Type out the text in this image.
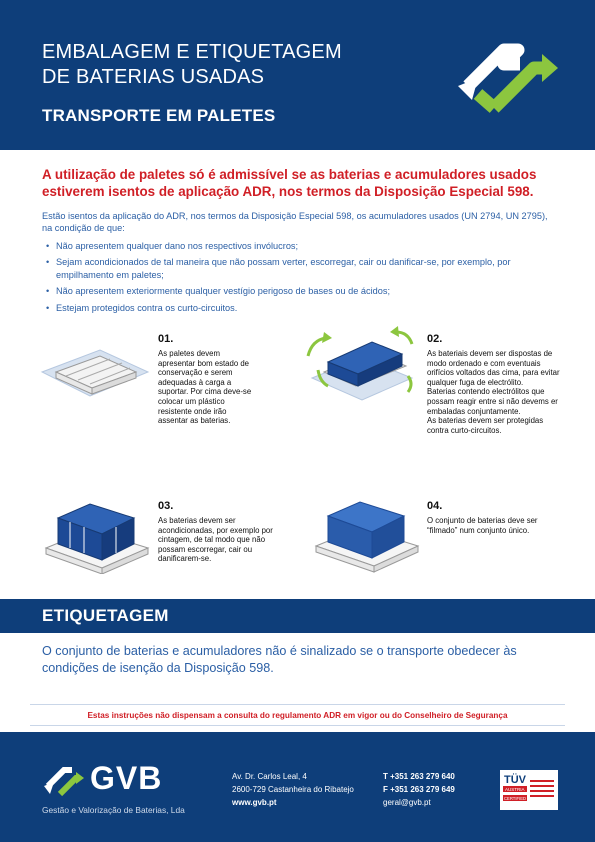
EMBALAGEM E ETIQUETAGEM
DE BATERIAS USADAS
TRANSPORTE EM PALETES
A utilização de paletes só é admissível se as baterias e acumuladores usados estiverem isentos de aplicação ADR, nos termos da Disposição Especial 598.
Estão isentos da aplicação do ADR, nos termos da Disposição Especial 598, os acumuladores usados (UN 2794, UN 2795), na condição de que:
• Não apresentem qualquer dano nos respectivos invólucros;
• Sejam acondicionados de tal maneira que não possam verter, escorregar, cair ou danificar-se, por exemplo, por empilhamento em paletes;
• Não apresentem exteriormente qualquer vestígio perigoso de bases ou de ácidos;
• Estejam protegidos contra os curto-circuitos.
01.

As paletes devem apresentar bom estado de conservação e serem adequadas à carga a suportar. Por cima deve-se colocar um plástico resistente onde irão assentar as baterias.

02.

As bateriais devem ser dispostas de modo ordenado e com eventuais orifícios voltados das cima, para evitar qualquer fuga de electrólito.

Baterias contendo electrólitos que possam reagir entre si não devems er embaladas conjuntamente.

As baterias devem ser protegidas contra curto-circuitos.

03.

As baterias devem ser acondicionadas, por exemplo por cintagem, de tal modo que não possam escorregar, cair ou danificarem-se.

04.

O conjunto de baterias deve ser “filmado” num conjunto único.

ETIQUETAGEM
O conjunto de baterias e acumuladores não é sinalizado se o transporte obedecer às condições de isenção da Disposição 598.
Estas instruções não dispensam a consulta do regulamento ADR em vigor ou do Conselheiro de Segurança
GVB
Gestão e Valorização de Baterias, Lda
Av. Dr. Carlos Leal, 4
2600-729 Castanheira do Ribatejo
www.gvb.pt
T +351 263 279 640
F +351 263 279 649
geral@gvb.pt
TÜV
AUSTRIA
CERTIFIED
